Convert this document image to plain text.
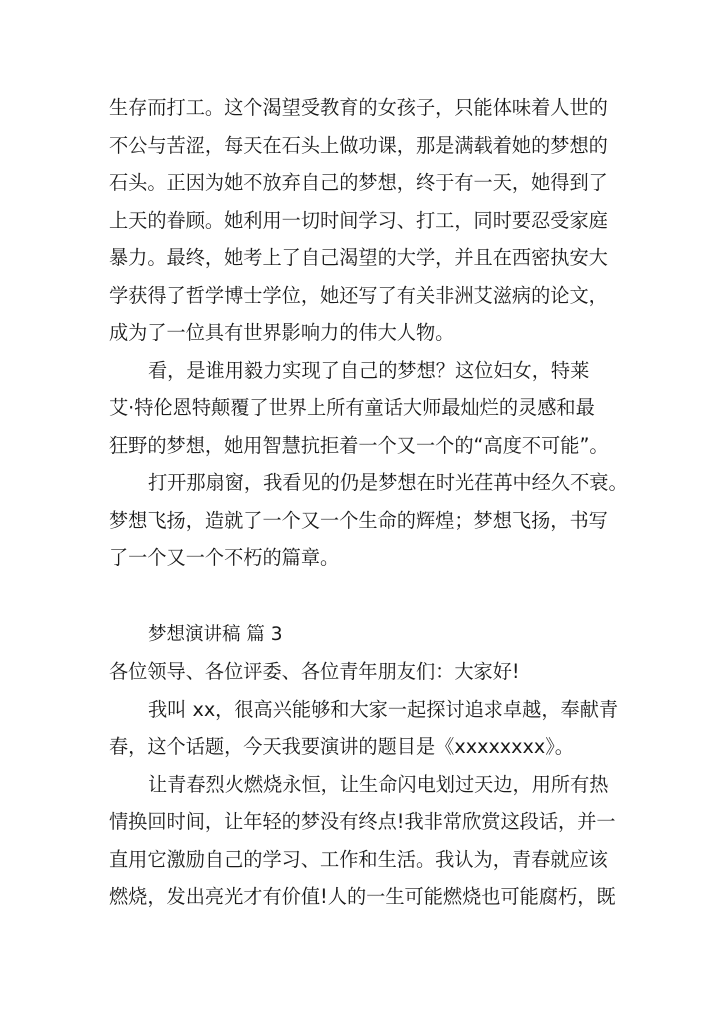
生存而打工。这个渴望受教育的女孩子，只能体味着人世的
不公与苦涩，每天在石头上做功课，那是满载着她的梦想的
石头。正因为她不放弃自己的梦想，终于有一天，她得到了
上天的眷顾。她利用一切时间学习、打工，同时要忍受家庭
暴力。最终，她考上了自己渴望的大学，并且在西密执安大
学获得了哲学博士学位，她还写了有关非洲艾滋病的论文，
成为了一位具有世界影响力的伟大人物。
看，是谁用毅力实现了自己的梦想？这位妇女，特莱
艾·特伦恩特颠覆了世界上所有童话大师最灿烂的灵感和最
狂野的梦想，她用智慧抗拒着一个又一个的“高度不可能”。
打开那扇窗，我看见的仍是梦想在时光荏苒中经久不衰。
梦想飞扬，造就了一个又一个生命的辉煌；梦想飞扬，书写
了一个又一个不朽的篇章。
梦想演讲稿 篇 3
各位领导、各位评委、各位青年朋友们：大家好!
我叫 xx，很高兴能够和大家一起探讨追求卓越，奉献青
春，这个话题，今天我要演讲的题目是《xxxxxxxx》。
让青春烈火燃烧永恒，让生命闪电划过天边，用所有热
情换回时间，让年轻的梦没有终点!我非常欣赏这段话，并一
直用它激励自己的学习、工作和生活。我认为，青春就应该
燃烧，发出亮光才有价值!人的一生可能燃烧也可能腐朽，既
